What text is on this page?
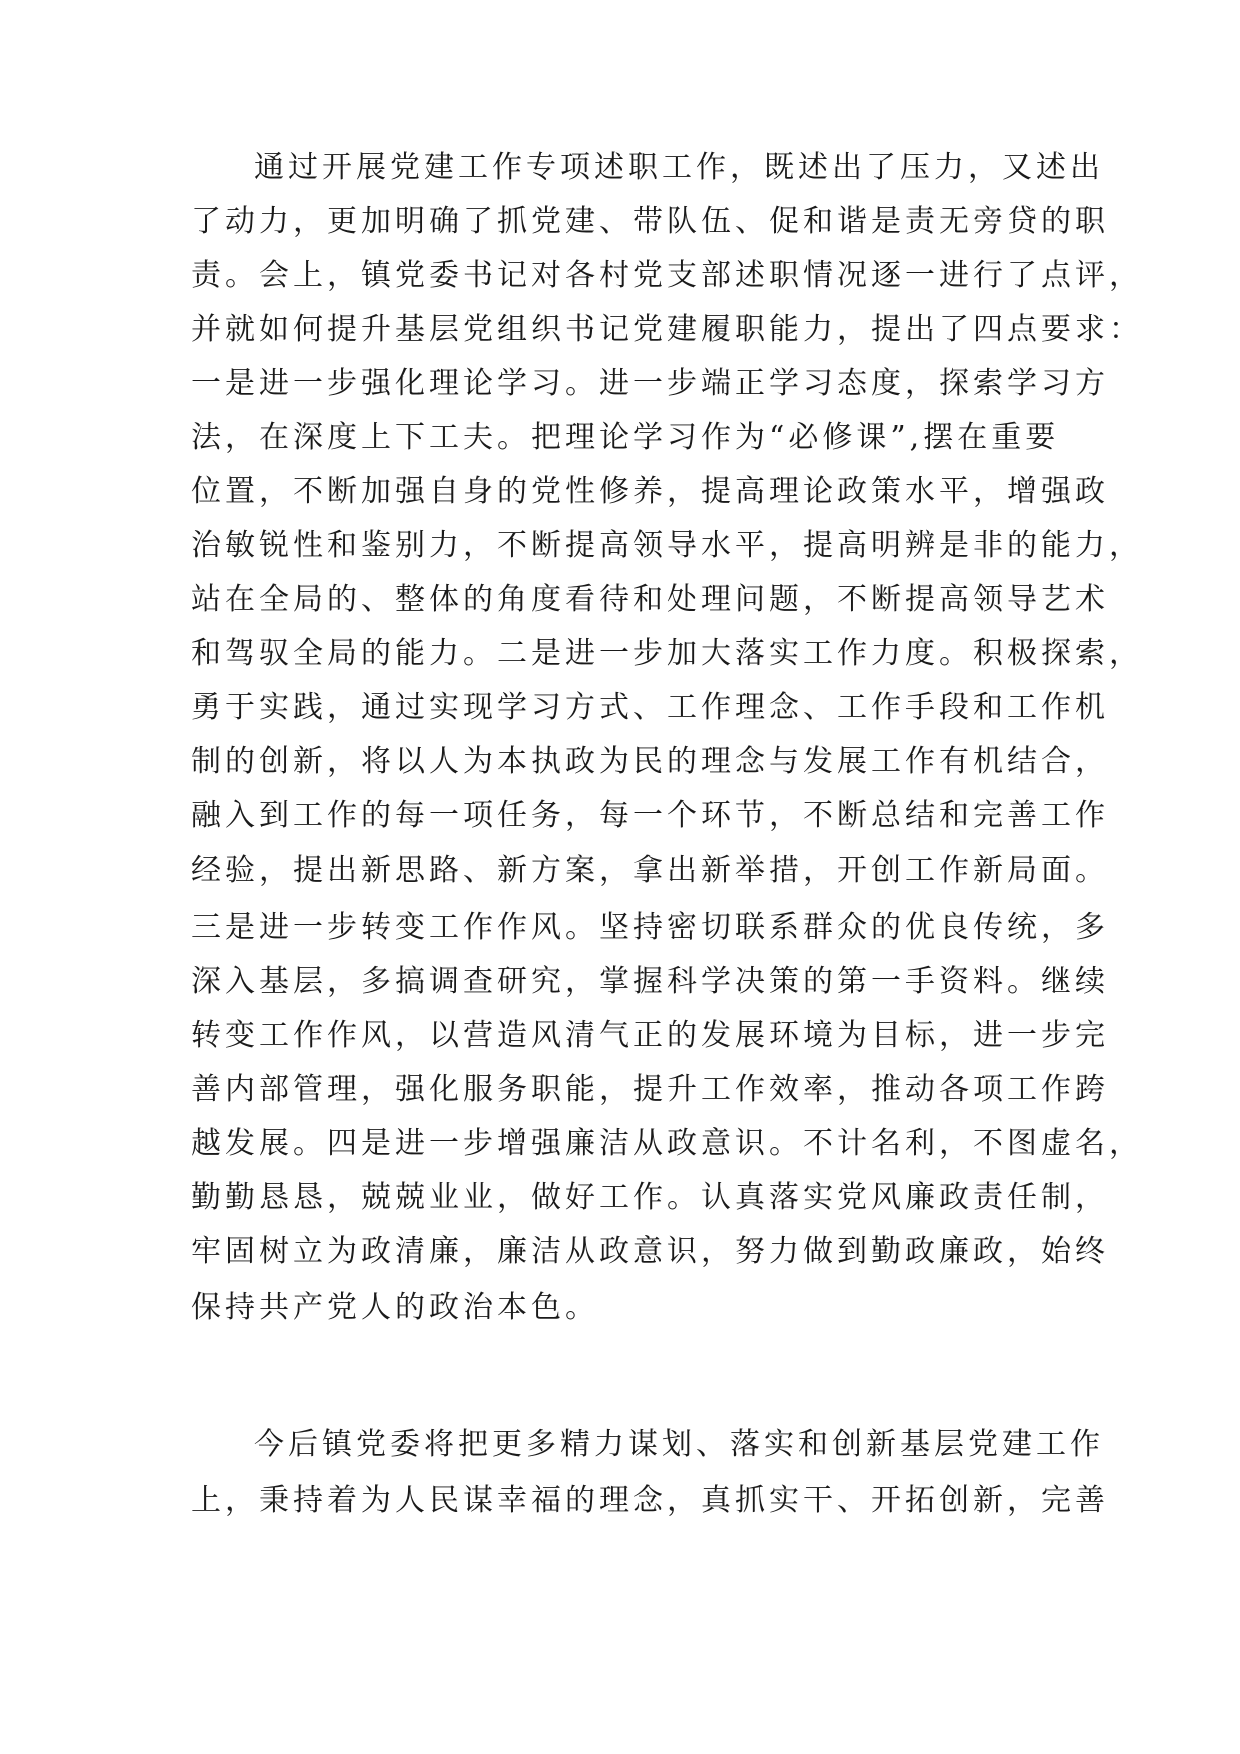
通过开展党建工作专项述职工作，既述出了压力，又述出
了动力，更加明确了抓党建、带队伍、促和谐是责无旁贷的职
责。会上，镇党委书记对各村党支部述职情况逐一进行了点评，
并就如何提升基层党组织书记党建履职能力，提出了四点要求：
一是进一步强化理论学习。进一步端正学习态度，探索学习方
法，在深度上下工夫。把理论学习作为“必修课”,摆在重要
位置，不断加强自身的党性修养，提高理论政策水平，增强政
治敏锐性和鉴别力，不断提高领导水平，提高明辨是非的能力，
站在全局的、整体的角度看待和处理问题，不断提高领导艺术
和驾驭全局的能力。二是进一步加大落实工作力度。积极探索，
勇于实践，通过实现学习方式、工作理念、工作手段和工作机
制的创新，将以人为本执政为民的理念与发展工作有机结合，
融入到工作的每一项任务，每一个环节，不断总结和完善工作
经验，提出新思路、新方案，拿出新举措，开创工作新局面。
三是进一步转变工作作风。坚持密切联系群众的优良传统，多
深入基层，多搞调查研究，掌握科学决策的第一手资料。继续
转变工作作风，以营造风清气正的发展环境为目标，进一步完
善内部管理，强化服务职能，提升工作效率，推动各项工作跨
越发展。四是进一步增强廉洁从政意识。不计名利，不图虚名，
勤勤恳恳，兢兢业业，做好工作。认真落实党风廉政责任制，
牢固树立为政清廉，廉洁从政意识，努力做到勤政廉政，始终
保持共产党人的政治本色。
今后镇党委将把更多精力谋划、落实和创新基层党建工作
上，秉持着为人民谋幸福的理念，真抓实干、开拓创新，完善
